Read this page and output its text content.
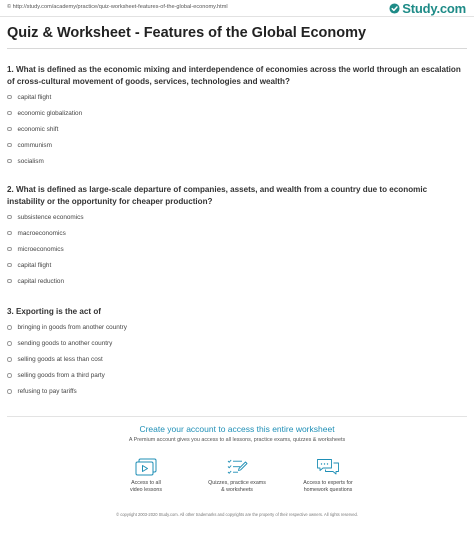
© http://study.com/academy/practice/quiz-worksheet-features-of-the-global-economy.html	Study.com
Quiz & Worksheet - Features of the Global Economy

1. What is defined as the economic mixing and interdependence of economies across the world through an escalation of cross-cultural movement of goods, services, technologies and wealth?

capital flight
economic globalization
economic shift
communism
socialism

2. What is defined as large-scale departure of companies, assets, and wealth from a country due to economic instability or the opportunity for cheaper production?

subsistence economics
macroeconomics
microeconomics
capital flight
capital reduction

3. Exporting is the act of

bringing in goods from another country
sending goods to another country
selling goods at less than cost
selling goods from a third party
refusing to pay tariffs
Create your account to access this entire worksheet
A Premium account gives you access to all lessons, practice exams, quizzes & worksheets
Access to all
video lessons
Quizzes, practice exams
& worksheets
Access to experts for
homework questions
© copyright 2003-2020 Study.com. All other trademarks and copyrights are the property of their respective owners. All rights reserved.
